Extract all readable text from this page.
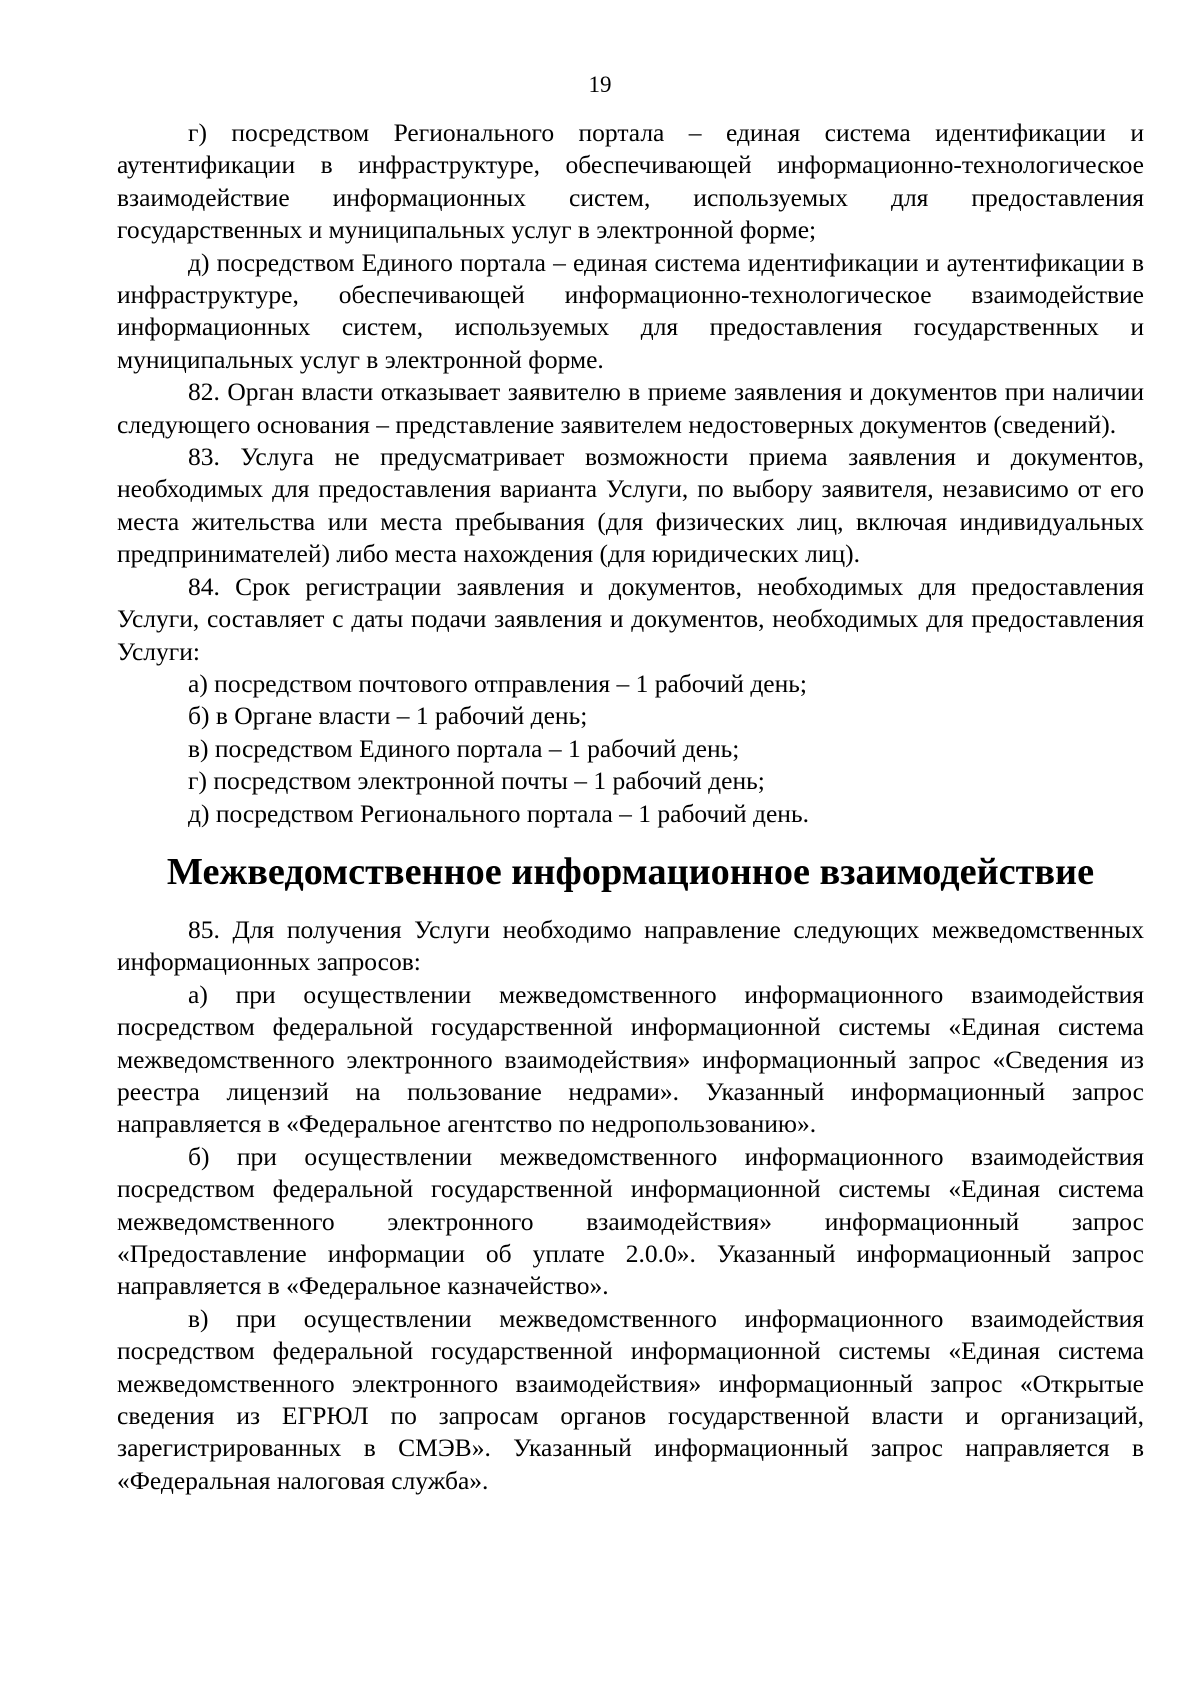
19

г) посредством Регионального портала – единая система идентификации и аутентификации в инфраструктуре, обеспечивающей информационно-технологическое взаимодействие информационных систем, используемых для предоставления государственных и муниципальных услуг в электронной форме;

д) посредством Единого портала – единая система идентификации и аутентификации в инфраструктуре, обеспечивающей информационно-технологическое взаимодействие информационных систем, используемых для предоставления государственных и муниципальных услуг в электронной форме.

82. Орган власти отказывает заявителю в приеме заявления и документов при наличии следующего основания – представление заявителем недостоверных документов (сведений).

83. Услуга не предусматривает возможности приема заявления и документов, необходимых для предоставления варианта Услуги, по выбору заявителя, независимо от его места жительства или места пребывания (для физических лиц, включая индивидуальных предпринимателей) либо места нахождения (для юридических лиц).

84. Срок регистрации заявления и документов, необходимых для предоставления Услуги, составляет с даты подачи заявления и документов, необходимых для предоставления Услуги:

а) посредством почтового отправления – 1 рабочий день;

б) в Органе власти – 1 рабочий день;

в) посредством Единого портала – 1 рабочий день;

г) посредством электронной почты – 1 рабочий день;

д) посредством Регионального портала – 1 рабочий день.

Межведомственное информационное взаимодействие

85. Для получения Услуги необходимо направление следующих межведомственных информационных запросов:

а) при осуществлении межведомственного информационного взаимодействия посредством федеральной государственной информационной системы «Единая система межведомственного электронного взаимодействия» информационный запрос «Сведения из реестра лицензий на пользование недрами». Указанный информационный запрос направляется в «Федеральное агентство по недропользованию».

б) при осуществлении межведомственного информационного взаимодействия посредством федеральной государственной информационной системы «Единая система межведомственного электронного взаимодействия» информационный запрос «Предоставление информации об уплате 2.0.0». Указанный информационный запрос направляется в «Федеральное казначейство».

в) при осуществлении межведомственного информационного взаимодействия посредством федеральной государственной информационной системы «Единая система межведомственного электронного взаимодействия» информационный запрос «Открытые сведения из ЕГРЮЛ по запросам органов государственной власти и организаций, зарегистрированных в СМЭВ». Указанный информационный запрос направляется в «Федеральная налоговая служба».
